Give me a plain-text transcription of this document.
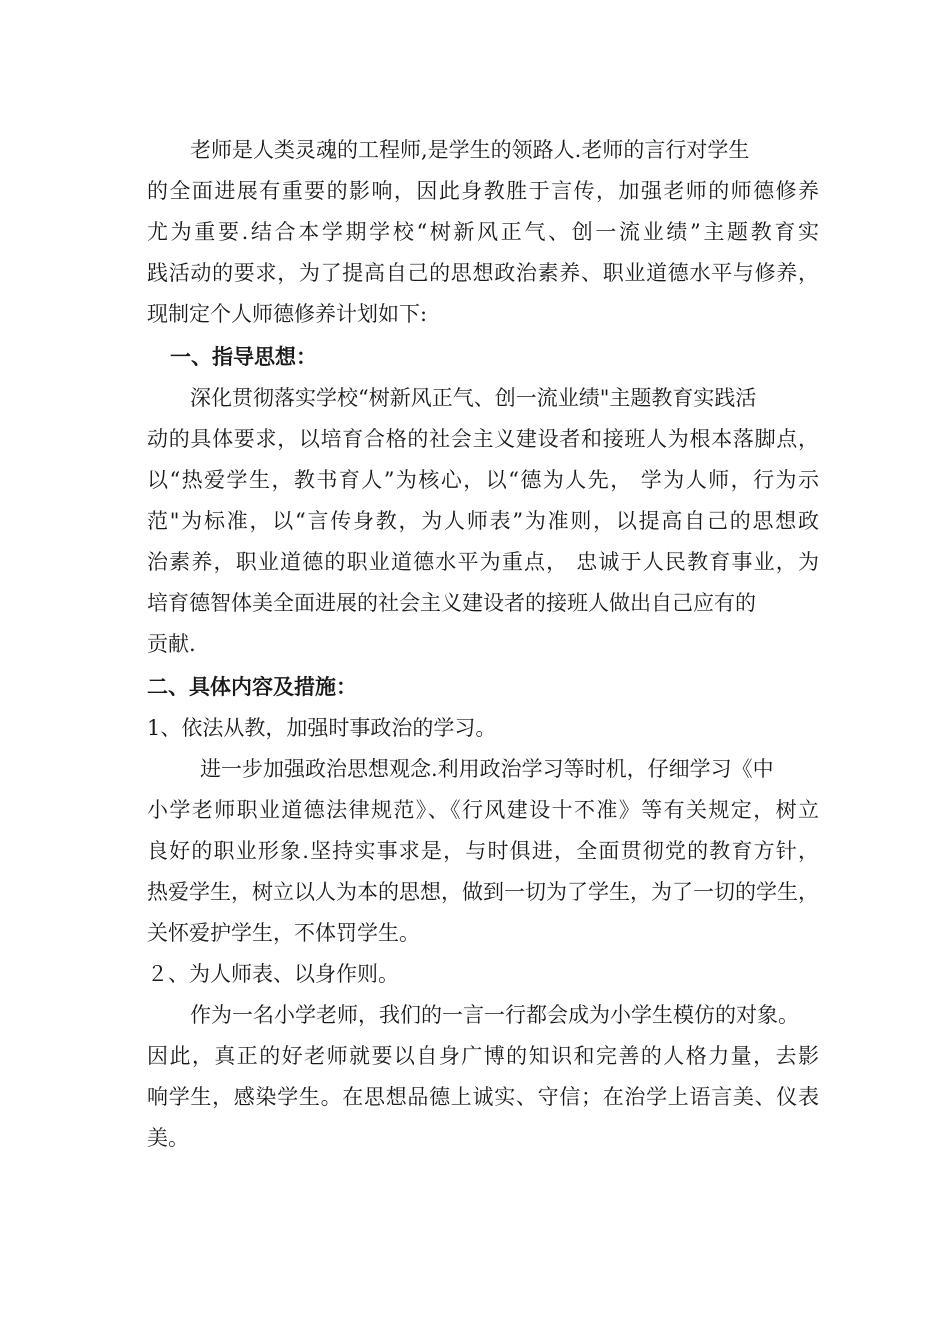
老师是人类灵魂的工程师,是学生的领路人.老师的言行对学生
的全面进展有重要的影响，因此身教胜于言传，加强老师的师德修养
尤为重要.结合本学期学校“树新风正气、创一流业绩”主题教育实
践活动的要求，为了提高自己的思想政治素养、职业道德水平与修养，
现制定个人师德修养计划如下:
一、指导思想：
深化贯彻落实学校“树新风正气、创一流业绩"主题教育实践活
动的具体要求，以培育合格的社会主义建设者和接班人为根本落脚点，
以“热爱学生，教书育人”为核心，以“德为人先， 学为人师，行为示
范"为标准，以“言传身教，为人师表”为准则，以提高自己的思想政
治素养，职业道德的职业道德水平为重点， 忠诚于人民教育事业，为
培育德智体美全面进展的社会主义建设者的接班人做出自己应有的
贡献.
二、具体内容及措施：
1、依法从教，加强时事政治的学习。
进一步加强政治思想观念.利用政治学习等时机，仔细学习《中
小学老师职业道德法律规范》、《行风建设十不准》等有关规定，树立
良好的职业形象.坚持实事求是，与时俱进，全面贯彻党的教育方针，
热爱学生，树立以人为本的思想，做到一切为了学生，为了一切的学生，
关怀爱护学生，不体罚学生。
２、为人师表、以身作则。
作为一名小学老师，我们的一言一行都会成为小学生模仿的对象。
因此，真正的好老师就要以自身广博的知识和完善的人格力量，去影
响学生，感染学生。在思想品德上诚实、守信；在治学上语言美、仪表
美。
